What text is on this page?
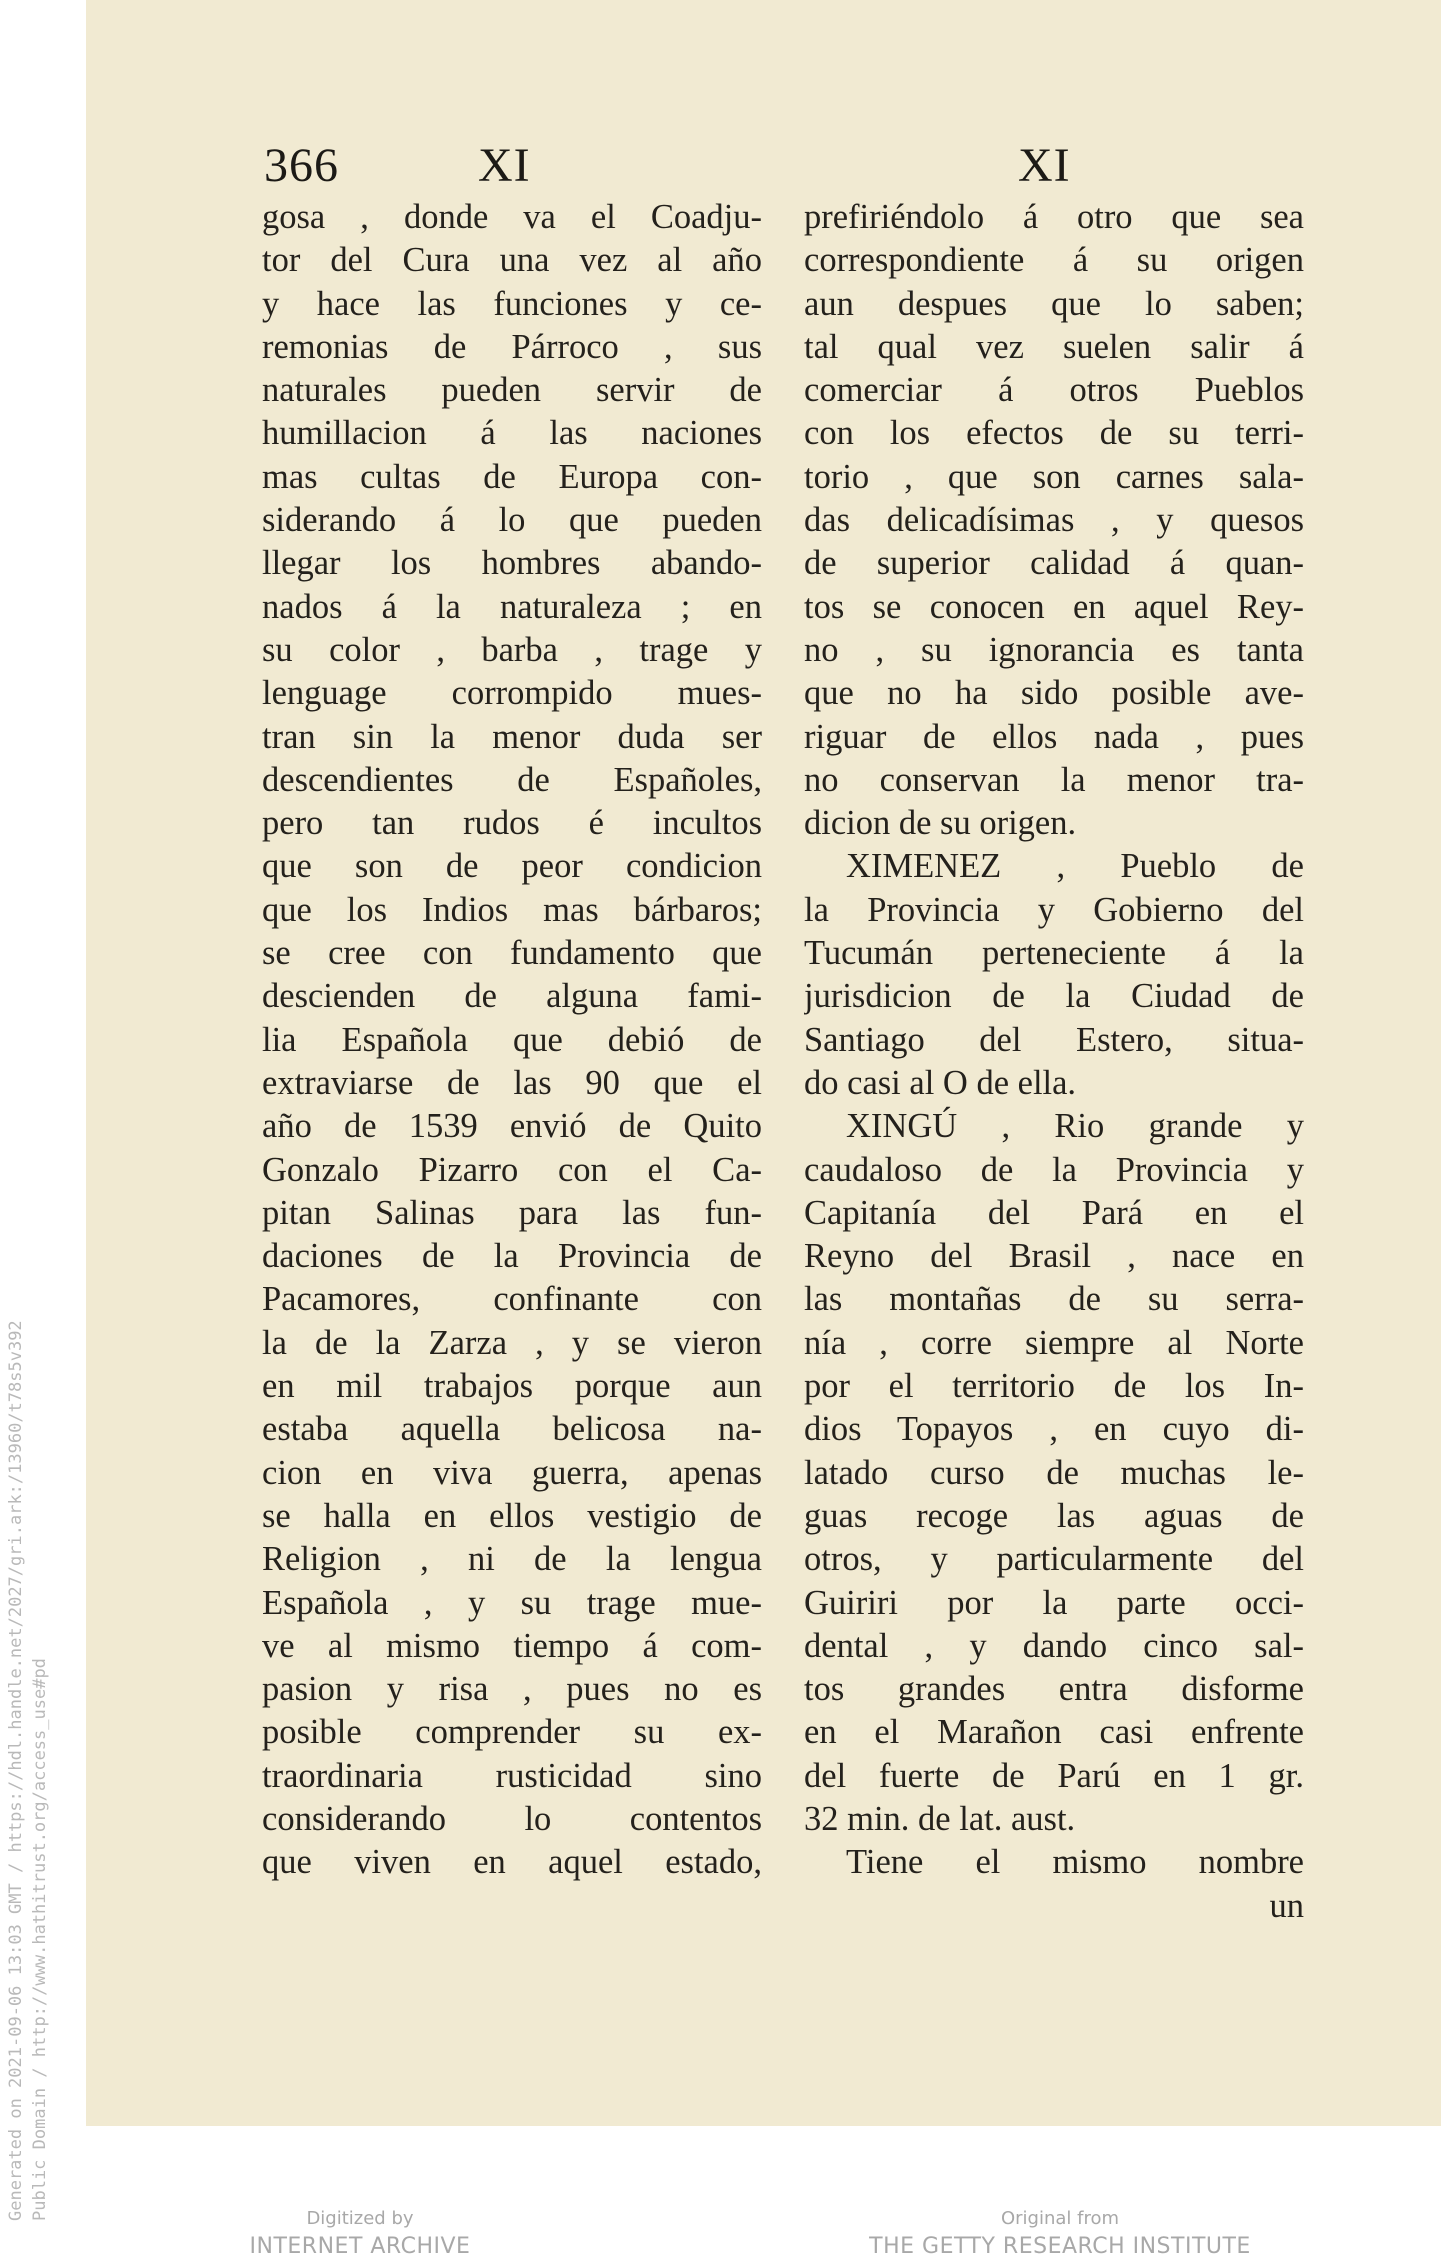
366	XI	XI
gosa , donde va el Coadju-
tor del Cura una vez al año
y hace las funciones y ce-
remonias de Párroco , sus
naturales pueden servir de
humillacion á las naciones
mas cultas de Europa con-
siderando á lo que pueden
llegar los hombres abando-
nados á la naturaleza ; en
su color , barba , trage y
lenguage corrompido mues-
tran sin la menor duda ser
descendientes de Españoles,
pero tan rudos é incultos
que son de peor condicion
que los Indios mas bárbaros;
se cree con fundamento que
descienden de alguna fami-
lia Española que debió de
extraviarse de las 90 que el
año de 1539 envió de Quito
Gonzalo Pizarro con el Ca-
pitan Salinas para las fun-
daciones de la Provincia de
Pacamores, confinante con
la de la Zarza , y se vieron
en mil trabajos porque aun
estaba aquella belicosa na-
cion en viva guerra, apenas
se halla en ellos vestigio de
Religion , ni de la lengua
Española , y su trage mue-
ve al mismo tiempo á com-
pasion y risa , pues no es
posible comprender su ex-
traordinaria rusticidad sino
considerando lo contentos
que viven en aquel estado,
prefiriéndolo á otro que sea
correspondiente á su origen
aun despues que lo saben;
tal qual vez suelen salir á
comerciar á otros Pueblos
con los efectos de su terri-
torio , que son carnes sala-
das delicadísimas , y quesos
de superior calidad á quan-
tos se conocen en aquel Rey-
no , su ignorancia es tanta
que no ha sido posible ave-
riguar de ellos nada , pues
no conservan la menor tra-
dicion de su origen.
XIMENEZ , Pueblo de
la Provincia y Gobierno del
Tucumán perteneciente á la
jurisdicion de la Ciudad de
Santiago del Estero, situa-
do casi al O de ella.
XINGÚ , Rio grande y
caudaloso de la Provincia y
Capitanía del Pará en el
Reyno del Brasil , nace en
las montañas de su serra-
nía , corre siempre al Norte
por el territorio de los In-
dios Topayos , en cuyo di-
latado curso de muchas le-
guas recoge las aguas de
otros, y particularmente del
Guiriri por la parte occi-
dental , y dando cinco sal-
tos grandes entra disforme
en el Marañon casi enfrente
del fuerte de Parú en 1 gr.
32 min. de lat. aust.
Tiene el mismo nombre
un
Generated on 2021-09-06 13:03 GMT / https://hdl.handle.net/2027/gri.ark:/13960/t78s5v392 Public Domain / http://www.hathitrust.org/access_use#pd	Digitized by
INTERNET ARCHIVE
Original from
THE GETTY RESEARCH INSTITUTE
